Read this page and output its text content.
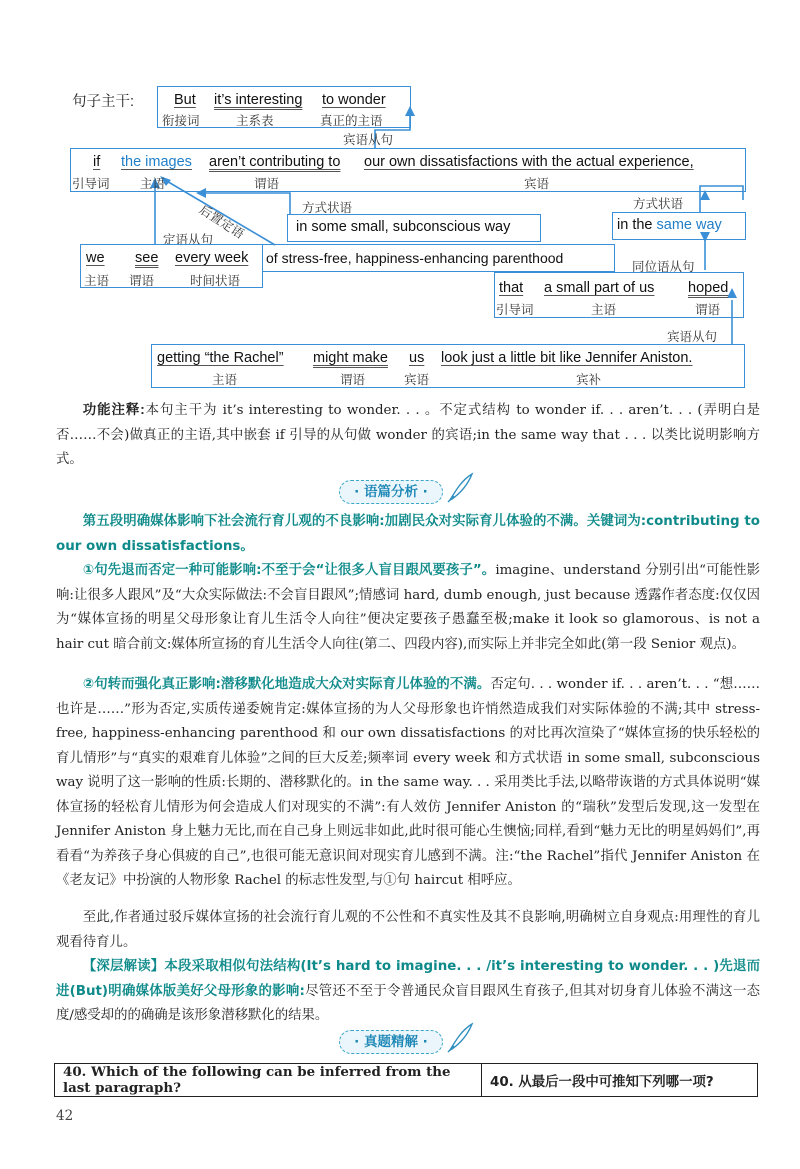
句子主干:	But it’s interesting to wonder
衔接词	主系表	真正的主语
宾语从句
if the images aren’t contributing to our own dissatisfactions with the actual experience,
引导词 主语	谓语	宾语
方式状语
in some small, subconscious way
后置定语
定语从句
方式状语
in the same way
we see every week of stress-free, happiness-enhancing parenthood
主语 谓语	时间状语
同位语从句
that a small part of us hoped
引导词	主语	谓语
宾语从句
getting “the Rachel” might make us look just a little bit like Jennifer Aniston.
主语	谓语	宾语	宾补
功能注释:本句主干为 it’s interesting to wonder. . . 。不定式结构 to wonder if. . . aren’t. . . (弄明白是否……不会)做真正的主语,其中嵌套 if 引导的从句做 wonder 的宾语;in the same way that . . . 以类比说明影响方式。
· 语篇分析 ·
第五段明确媒体影响下社会流行育儿观的不良影响:加剧民众对实际育儿体验的不满。关键词为:contributing to our own dissatisfactions。
①句先退而否定一种可能影响:不至于会“让很多人盲目跟风要孩子”。imagine、understand 分别引出“可能性影响:让很多人跟风”及“大众实际做法:不会盲目跟风”;情感词 hard, dumb enough, just because 透露作者态度:仅仅因为“媒体宣扬的明星父母形象让育儿生活令人向往”便决定要孩子愚蠢至极;make it look so glamorous、is not a hair cut 暗合前文:媒体所宣扬的育儿生活令人向往(第二、四段内容),而实际上并非完全如此(第一段 Senior 观点)。
②句转而强化真正影响:潜移默化地造成大众对实际育儿体验的不满。否定句. . . wonder if. . . aren’t. . . “想……也许是……”形为否定,实质传递委婉肯定:媒体宣扬的为人父母形象也许悄然造成我们对实际体验的不满;其中 stress-free, happiness-enhancing parenthood 和 our own dissatisfactions 的对比再次渲染了“媒体宣扬的快乐轻松的育儿情形”与“真实的艰难育儿体验”之间的巨大反差;频率词 every week 和方式状语 in some small, subconscious way 说明了这一影响的性质:长期的、潜移默化的。in the same way. . . 采用类比手法,以略带诙谐的方式具体说明“媒体宣扬的轻松育儿情形为何会造成人们对现实的不满”:有人效仿 Jennifer Aniston 的“瑞秋”发型后发现,这一发型在 Jennifer Aniston 身上魅力无比,而在自己身上则远非如此,此时很可能心生懊恼;同样,看到“魅力无比的明星妈妈们”,再看看“为养孩子身心俱疲的自己”,也很可能无意识间对现实育儿感到不满。注:“the Rachel”指代 Jennifer Aniston 在《老友记》中扮演的人物形象 Rachel 的标志性发型,与①句 haircut 相呼应。
至此,作者通过驳斥媒体宣扬的社会流行育儿观的不公性和不真实性及其不良影响,明确树立自身观点:用理性的育儿观看待育儿。
【深层解读】本段采取相似句法结构(It’s hard to imagine. . . /it’s interesting to wonder. . . )先退而进(But)明确媒体版美好父母形象的影响:尽管还不至于令普通民众盲目跟风生育孩子,但其对切身育儿体验不满这一态度/感受却的的确确是该形象潜移默化的结果。
· 真题精解 ·
40. Which of the following can be inferred from the last paragraph?	40. 从最后一段中可推知下列哪一项?
42
